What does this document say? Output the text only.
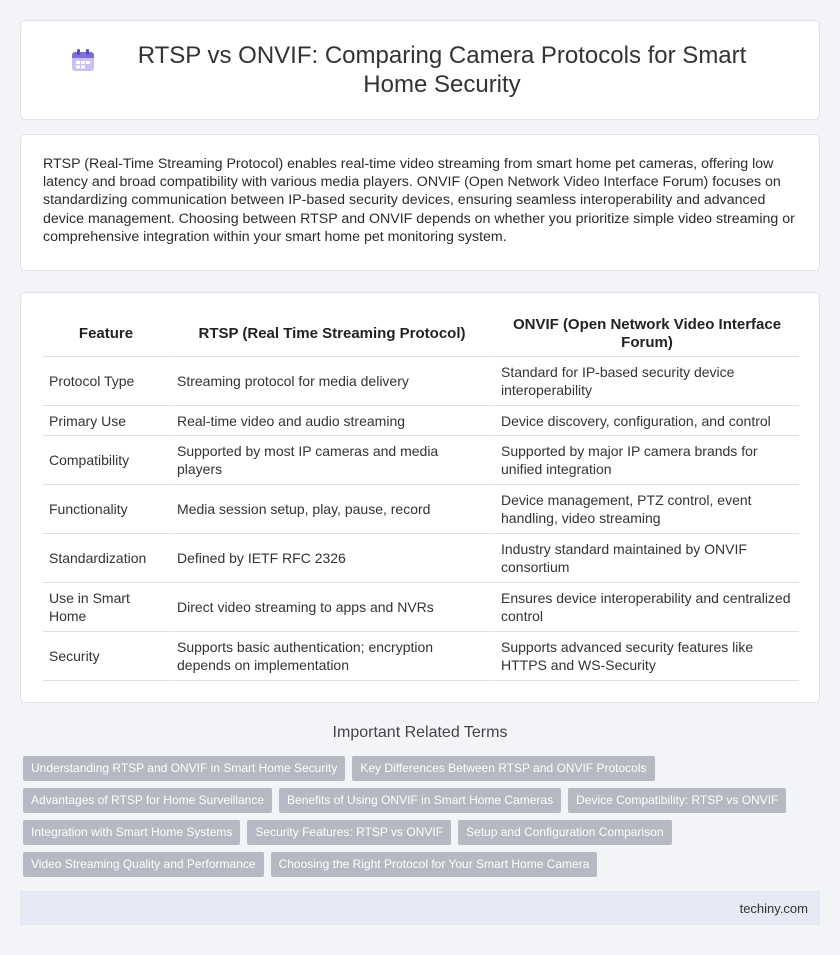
RTSP vs ONVIF: Comparing Camera Protocols for Smart Home Security

RTSP (Real-Time Streaming Protocol) enables real-time video streaming from smart home pet cameras, offering low latency and broad compatibility with various media players. ONVIF (Open Network Video Interface Forum) focuses on standardizing communication between IP-based security devices, ensuring seamless interoperability and advanced device management. Choosing between RTSP and ONVIF depends on whether you prioritize simple video streaming or comprehensive integration within your smart home pet monitoring system.

Feature	RTSP (Real Time Streaming Protocol)	ONVIF (Open Network Video Interface Forum)
Protocol Type	Streaming protocol for media delivery	Standard for IP-based security device interoperability
Primary Use	Real-time video and audio streaming	Device discovery, configuration, and control
Compatibility	Supported by most IP cameras and media players	Supported by major IP camera brands for unified integration
Functionality	Media session setup, play, pause, record	Device management, PTZ control, event handling, video streaming
Standardization	Defined by IETF RFC 2326	Industry standard maintained by ONVIF consortium
Use in Smart Home	Direct video streaming to apps and NVRs	Ensures device interoperability and centralized control
Security	Supports basic authentication; encryption depends on implementation	Supports advanced security features like HTTPS and WS-Security
Important Related Terms
Understanding RTSP and ONVIF in Smart Home Security	Key Differences Between RTSP and ONVIF Protocols
Advantages of RTSP for Home Surveillance	Benefits of Using ONVIF in Smart Home Cameras	Device Compatibility: RTSP vs ONVIF
Integration with Smart Home Systems	Security Features: RTSP vs ONVIF	Setup and Configuration Comparison
Video Streaming Quality and Performance	Choosing the Right Protocol for Your Smart Home Camera
techiny.com
